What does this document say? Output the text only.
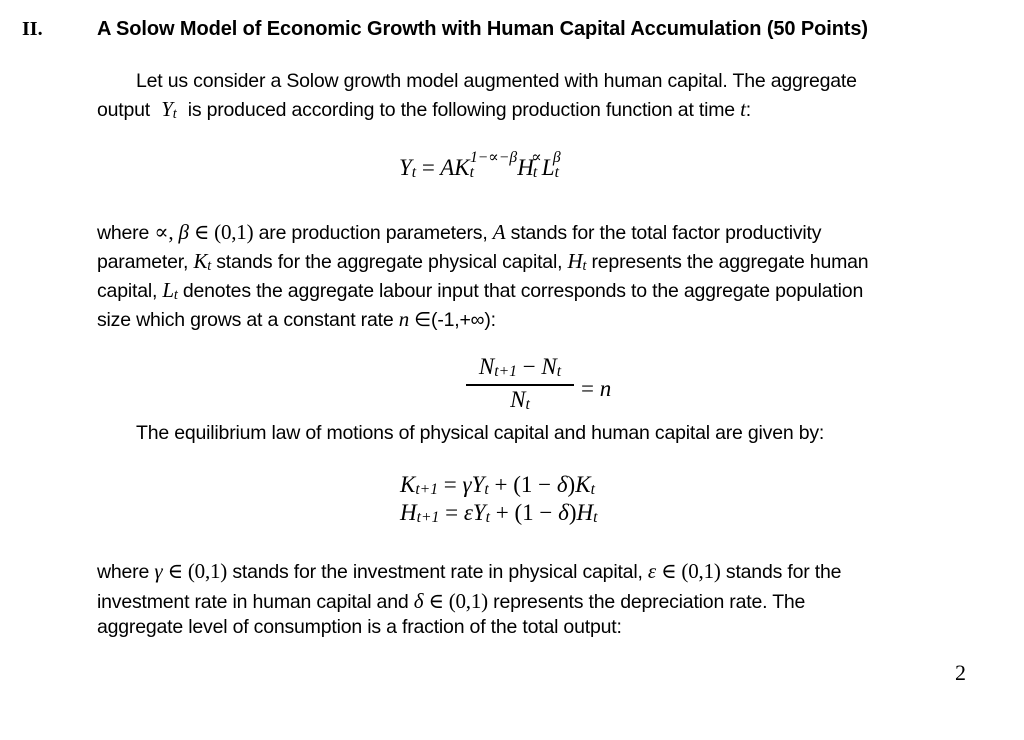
II.	A Solow Model of Economic Growth with Human Capital Accumulation (50 Points)
Let us consider a Solow growth model augmented with human capital. The aggregate
output $Y_t$ is produced according to the following production function at time t:
$Y_t = AK_t^{1-\propto-\beta}H_t^\propto L_t^\beta$
where ∝, β ∈ (0,1) are production parameters, A stands for the total factor productivity
parameter, $K_t$ stands for the aggregate physical capital, $H_t$ represents the aggregate human
capital, $L_t$ denotes the aggregate labour input that corresponds to the aggregate population
size which grows at a constant rate n ∈(-1,+∞):
$N_{t+1} - N_t$
$N_t$
= n
The equilibrium law of motions of physical capital and human capital are given by:
$K_{t+1} = \gamma Y_t + (1 - \delta)K_t$
$H_{t+1} = \varepsilon Y_t + (1 - \delta)H_t$
where γ ∈ (0,1) stands for the investment rate in physical capital, ε ∈ (0,1) stands for the
investment rate in human capital and δ ∈ (0,1) represents the depreciation rate. The
aggregate level of consumption is a fraction of the total output:
2
